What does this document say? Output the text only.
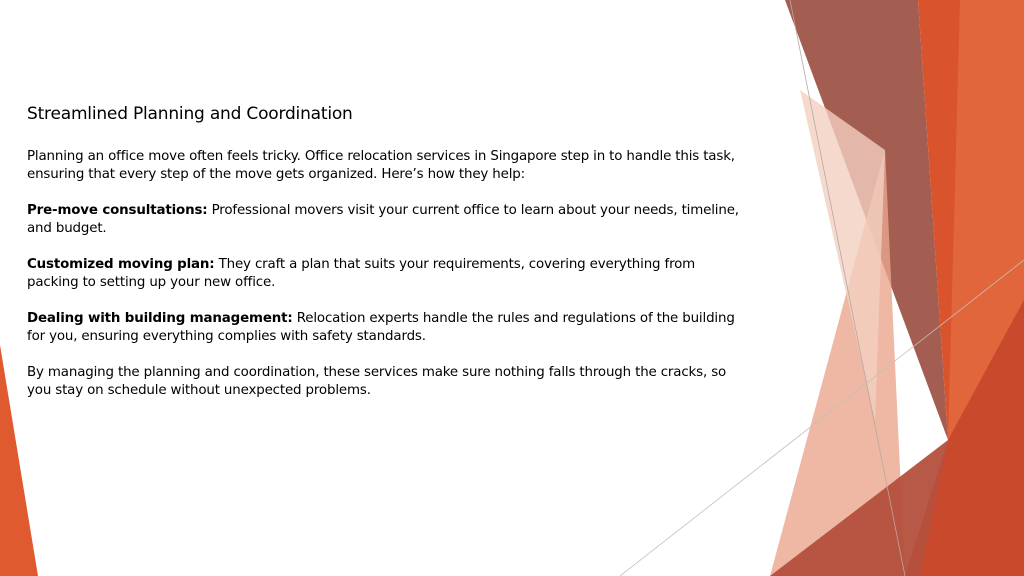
Streamlined Planning and Coordination

Planning an office move often feels tricky. Office relocation services in Singapore step in to handle this task, ensuring that every step of the move gets organized. Here’s how they help:

Pre-move consultations: Professional movers visit your current office to learn about your needs, timeline, and budget.

Customized moving plan: They craft a plan that suits your requirements, covering everything from packing to setting up your new office.

Dealing with building management: Relocation experts handle the rules and regulations of the building for you, ensuring everything complies with safety standards.

By managing the planning and coordination, these services make sure nothing falls through the cracks, so you stay on schedule without unexpected problems.
